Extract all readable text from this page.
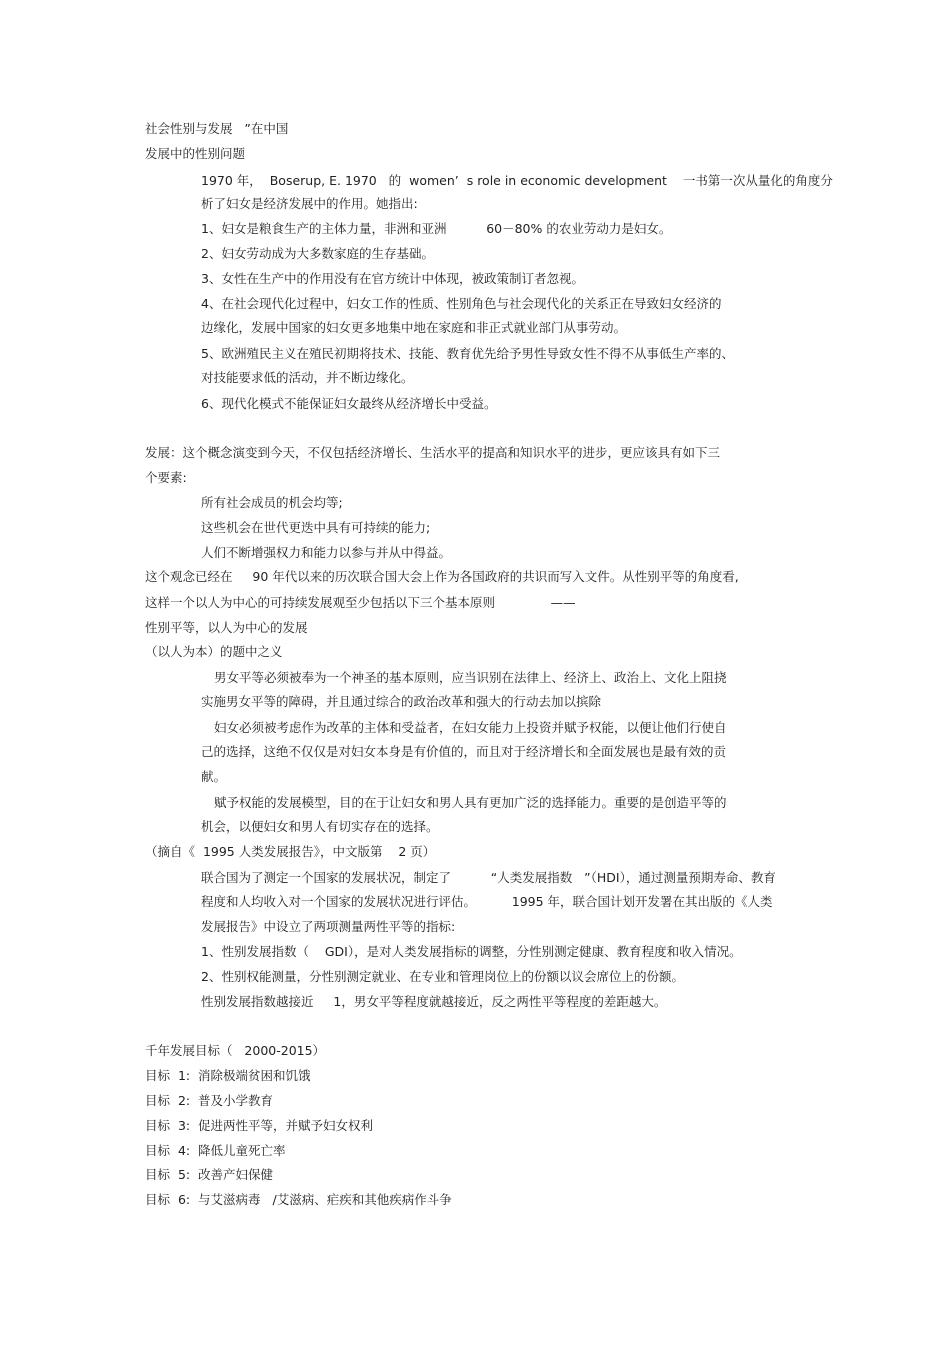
社会性别与发展   ”在中国
发展中的性别问题
1970 年，  Boserup, E. 1970   的  women’  s role in economic development    一书第一次从量化的角度分
析了妇女是经济发展中的作用。她指出:
1、妇女是粮食生产的主体力量，非洲和亚洲          60－80% 的农业劳动力是妇女。
2、妇女劳动成为大多数家庭的生存基础。
3、女性在生产中的作用没有在官方统计中体现，被政策制订者忽视。
4、在社会现代化过程中，妇女工作的性质、性别角色与社会现代化的关系正在导致妇女经济的
边缘化，发展中国家的妇女更多地集中地在家庭和非正式就业部门从事劳动。
5、欧洲殖民主义在殖民初期将技术、技能、教育优先给予男性导致女性不得不从事低生产率的、
对技能要求低的活动，并不断边缘化。
6、现代化模式不能保证妇女最终从经济增长中受益。
发展：这个概念演变到今天，不仅包括经济增长、生活水平的提高和知识水平的进步，更应该具有如下三
个要素:
所有社会成员的机会均等;
这些机会在世代更迭中具有可持续的能力;
人们不断增强权力和能力以参与并从中得益。
这个观念已经在     90 年代以来的历次联合国大会上作为各国政府的共识而写入文件。从性别平等的角度看,
这样一个以人为中心的可持续发展观至少包括以下三个基本原则              ——
性别平等，以人为中心的发展
（以人为本）的题中之义
男女平等必须被奉为一个神圣的基本原则，应当识别在法律上、经济上、政治上、文化上阻挠
实施男女平等的障碍，并且通过综合的政治改革和强大的行动去加以摈除
妇女必须被考虑作为改革的主体和受益者，在妇女能力上投资并赋予权能，以便让他们行使自
己的选择，这绝不仅仅是对妇女本身是有价值的，而且对于经济增长和全面发展也是最有效的贡
献。
赋予权能的发展模型，目的在于让妇女和男人具有更加广泛的选择能力。重要的是创造平等的
机会，以便妇女和男人有切实存在的选择。
（摘自《  1995 人类发展报告》，中文版第    2 页）
联合国为了测定一个国家的发展状况，制定了          “人类发展指数   ”（HDI），通过测量预期寿命、教育
程度和人均收入对一个国家的发展状况进行评估。         1995 年，联合国计划开发署在其出版的《人类
发展报告》中设立了两项测量两性平等的指标:
1、性别发展指数（    GDI），是对人类发展指标的调整，分性别测定健康、教育程度和收入情况。
2、性别权能测量，分性别测定就业、在专业和管理岗位上的份额以议会席位上的份额。
性别发展指数越接近     1，男女平等程度就越接近，反之两性平等程度的差距越大。
千年发展目标（   2000-2015）
目标  1:  消除极端贫困和饥饿
目标  2:  普及小学教育
目标  3:  促进两性平等，并赋予妇女权利
目标  4:  降低儿童死亡率
目标  5:  改善产妇保健
目标  6:  与艾滋病毒   /艾滋病、疟疾和其他疾病作斗争
